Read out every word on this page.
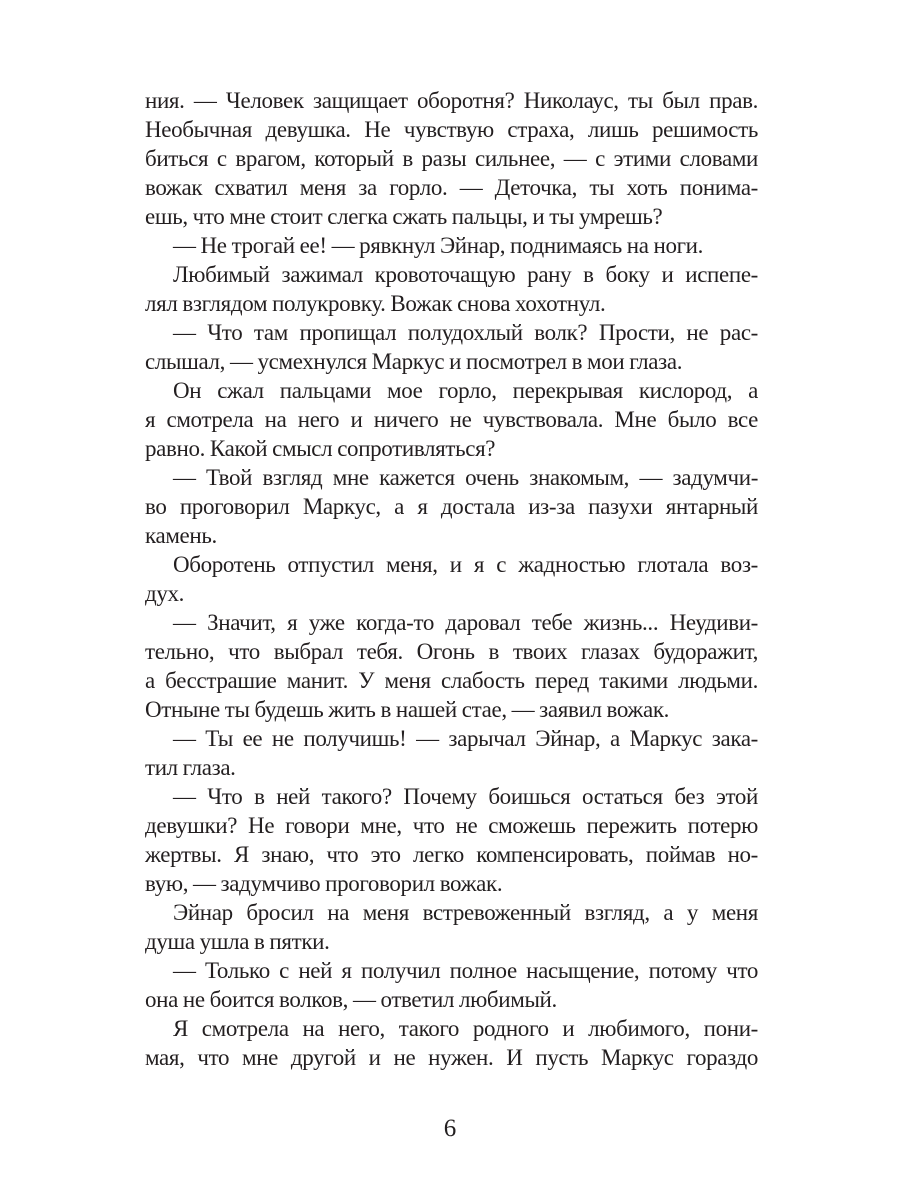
ния. — Человек защищает оборотня? Николаус, ты был прав.
Необычная девушка. Не чувствую страха, лишь решимость
биться с врагом, который в разы сильнее, — с этими словами
вожак схватил меня за горло. — Деточка, ты хоть понима-
ешь, что мне стоит слегка сжать пальцы, и ты умрешь?
— Не трогай ее! — рявкнул Эйнар, поднимаясь на ноги.
Любимый зажимал кровоточащую рану в боку и испепе-
лял взглядом полукровку. Вожак снова хохотнул.
— Что там пропищал полудохлый волк? Прости, не рас-
слышал, — усмехнулся Маркус и посмотрел в мои глаза.
Он сжал пальцами мое горло, перекрывая кислород, а
я смотрела на него и ничего не чувствовала. Мне было все
равно. Какой смысл сопротивляться?
— Твой взгляд мне кажется очень знакомым, — задумчи-
во проговорил Маркус, а я достала из-за пазухи янтарный
камень.
Оборотень отпустил меня, и я с жадностью глотала воз-
дух.
— Значит, я уже когда-то даровал тебе жизнь... Неудиви-
тельно, что выбрал тебя. Огонь в твоих глазах будоражит,
а бесстрашие манит. У меня слабость перед такими людьми.
Отныне ты будешь жить в нашей стае, — заявил вожак.
— Ты ее не получишь! — зарычал Эйнар, а Маркус зака-
тил глаза.
— Что в ней такого? Почему боишься остаться без этой
девушки? Не говори мне, что не сможешь пережить потерю
жертвы. Я знаю, что это легко компенсировать, поймав но-
вую, — задумчиво проговорил вожак.
Эйнар бросил на меня встревоженный взгляд, а у меня
душа ушла в пятки.
— Только с ней я получил полное насыщение, потому что
она не боится волков, — ответил любимый.
Я смотрела на него, такого родного и любимого, пони-
мая, что мне другой и не нужен. И пусть Маркус гораздо
6
